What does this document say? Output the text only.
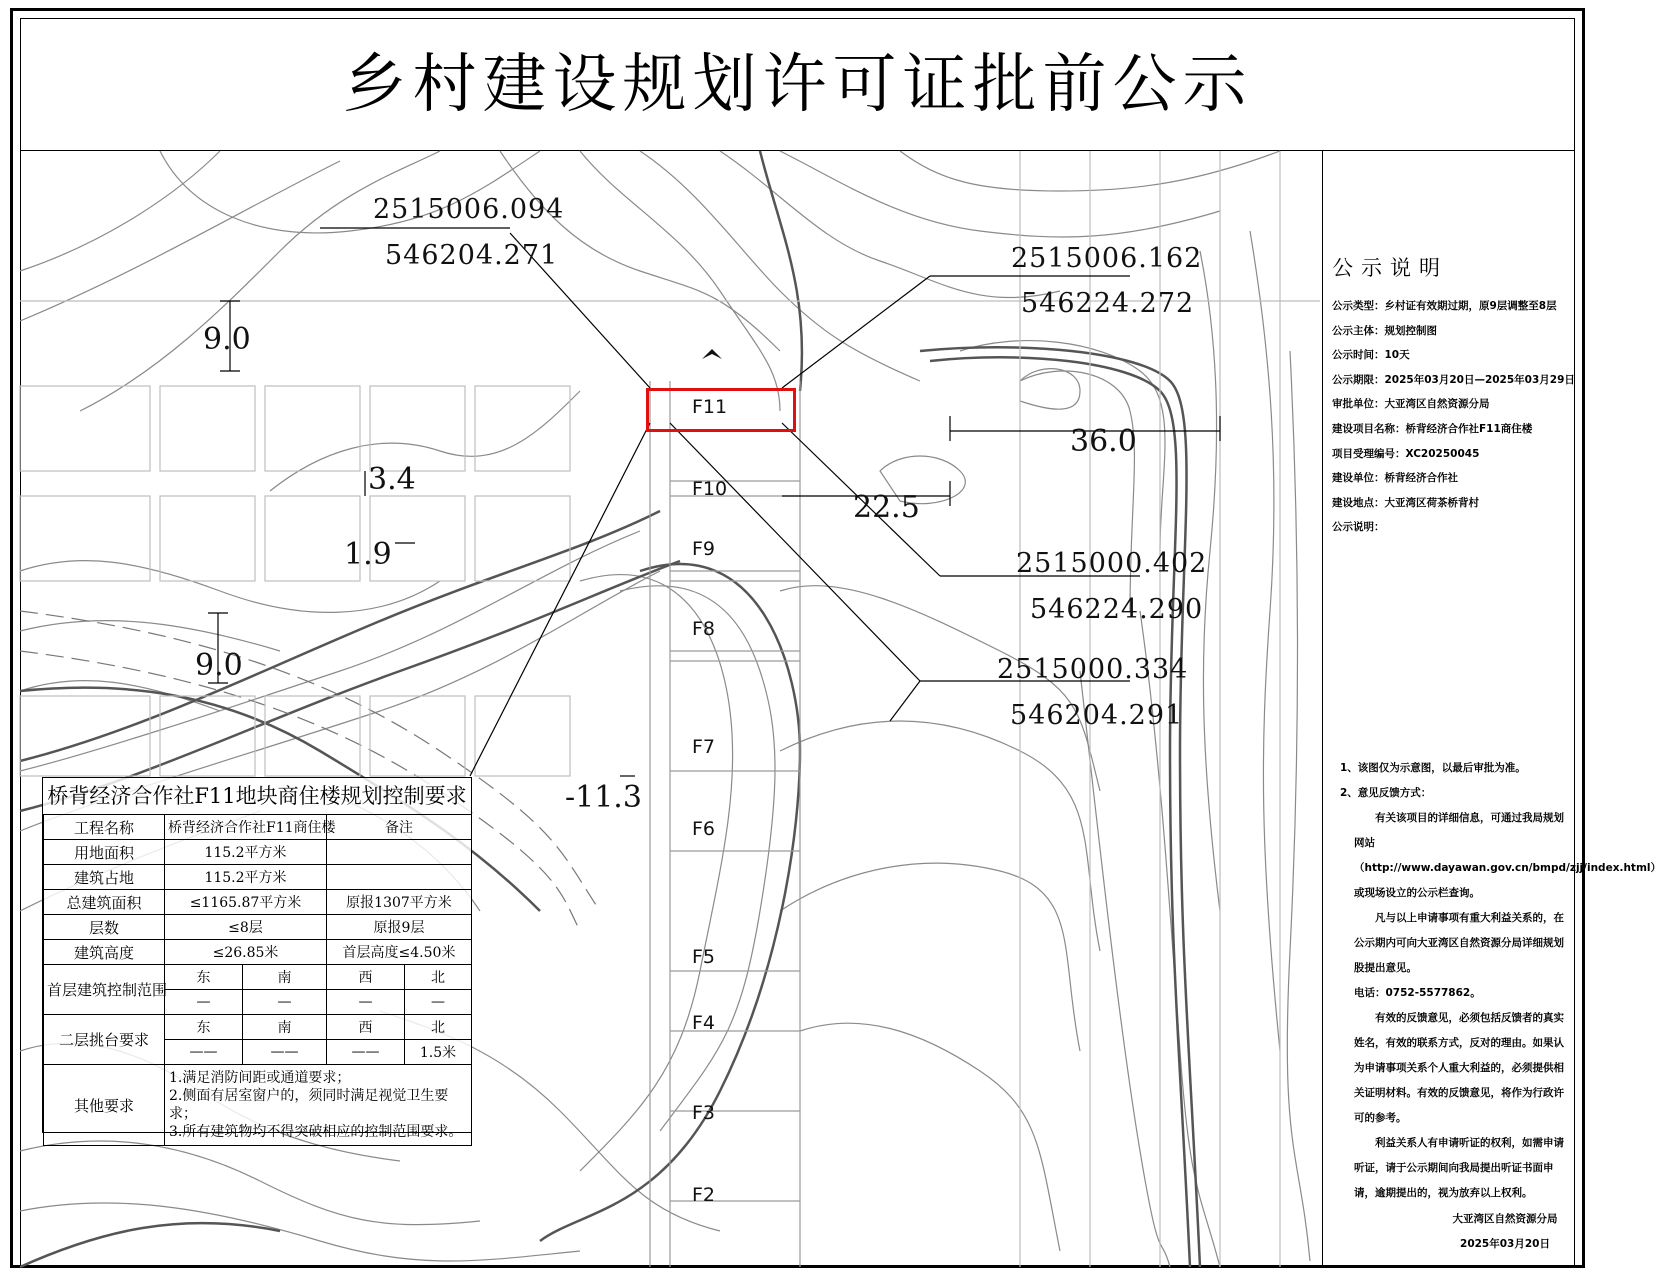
乡村建设规划许可证批前公示
2515006.094
546204.271	2515006.162
546224.272
2515000.402
546224.290
2515000.334
546204.291
9.0
3.4
1.9
9.0
22.5
36.0
-11.3
F11
F10
F9
F8
F7
F6
F5
F4
F3
F2
桥背经济合作社F11地块商住楼规划控制要求
工程名称	桥背经济合作社F11商住楼		备注	
用地面积	115.2平方米			
建筑占地	115.2平方米			
总建筑面积	≤1165.87平方米		原报1307平方米	
层数	≤8层		原报9层	
建筑高度	≤26.85米		首层高度≤4.50米	
首层建筑控制范围	东	南	西	北
	—	—	—	—
二层挑台要求	东	南	西	北
	——	——	——	1.5米
其他要求	1.满足消防间距或通道要求；
2.侧面有居室窗户的，须同时满足视觉卫生要求；
3.所有建筑物均不得突破相应的控制范围要求。			
公示说明
公示类型：乡村证有效期过期，原9层调整至8层
公示主体：规划控制图
公示时间：10天
公示期限：2025年03月20日—2025年03月29日
审批单位：大亚湾区自然资源分局
建设项目名称：桥背经济合作社F11商住楼
项目受理编号：XC20250045
建设单位：桥背经济合作社
建设地点：大亚湾区荷茶桥背村
公示说明：

1、该图仅为示意图，以最后审批为准。

2、意见反馈方式：

有关该项目的详细信息，可通过我局规划网站（http://www.dayawan.gov.cn/bmpd/zjj/index.html）或现场设立的公示栏查询。

凡与以上申请事项有重大利益关系的，在公示期内可向大亚湾区自然资源分局详细规划股提出意见。

电话：0752-5577862。

有效的反馈意见，必须包括反馈者的真实姓名，有效的联系方式，反对的理由。如果认为申请事项关系个人重大利益的，必须提供相关证明材料。有效的反馈意见，将作为行政许可的参考。

利益关系人有申请听证的权利，如需申请听证，请于公示期间向我局提出听证书面申请，逾期提出的，视为放弃以上权利。

大亚湾区自然资源分局
2025年03月20日
